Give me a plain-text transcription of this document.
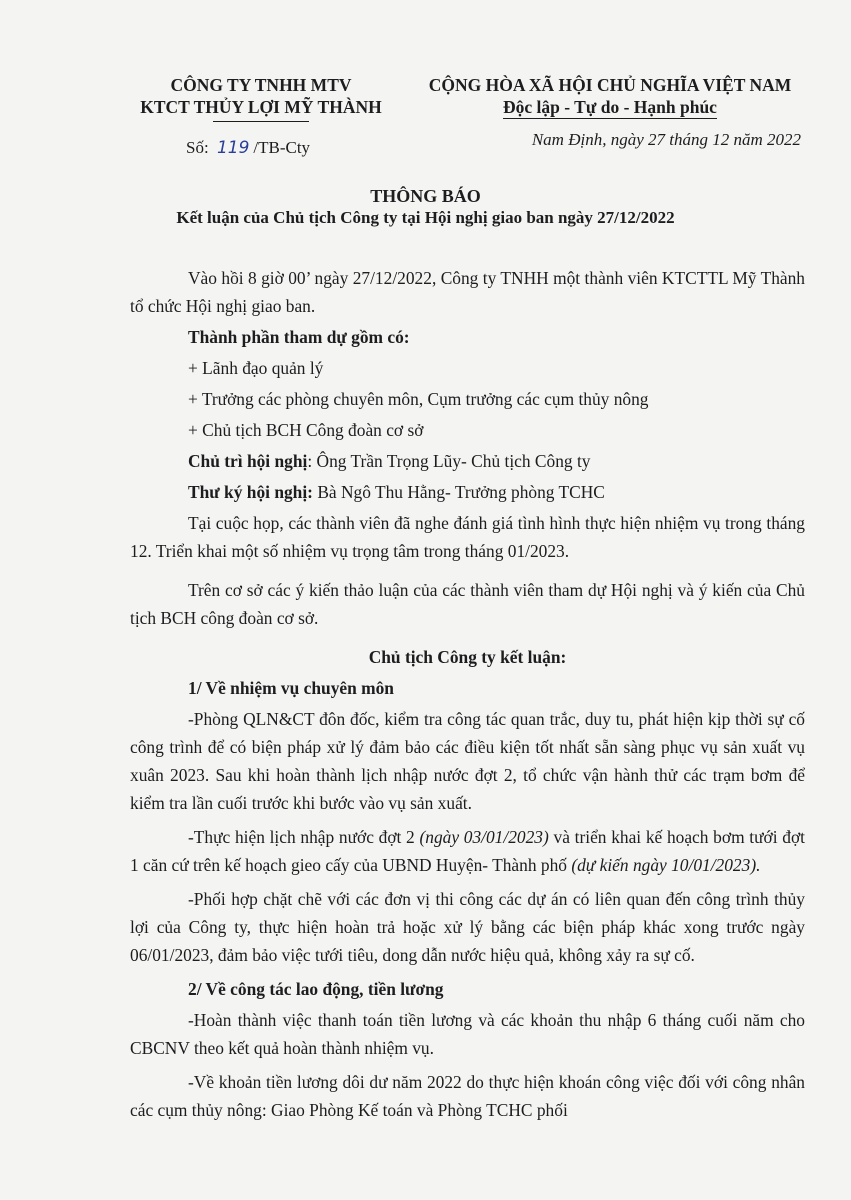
CÔNG TY TNHH MTV
KTCT THỦY LỢI MỸ THÀNH
Số: 119 /TB-Cty
CỘNG HÒA XÃ HỘI CHỦ NGHĨA VIỆT NAM
Độc lập - Tự do - Hạnh phúc
Nam Định, ngày 27 tháng 12 năm 2022
THÔNG BÁO
Kết luận của Chủ tịch Công ty tại Hội nghị giao ban ngày 27/12/2022

Vào hồi 8 giờ 00’ ngày 27/12/2022, Công ty TNHH một thành viên KTCTTL Mỹ Thành tổ chức Hội nghị giao ban.

Thành phần tham dự gồm có:

+ Lãnh đạo quản lý

+ Trưởng các phòng chuyên môn, Cụm trưởng các cụm thủy nông

+ Chủ tịch BCH Công đoàn cơ sở

Chủ trì hội nghị: Ông Trần Trọng Lũy- Chủ tịch Công ty

Thư ký hội nghị: Bà Ngô Thu Hằng- Trưởng phòng TCHC

Tại cuộc họp, các thành viên đã nghe đánh giá tình hình thực hiện nhiệm vụ trong tháng 12. Triển khai một số nhiệm vụ trọng tâm trong tháng 01/2023.

Trên cơ sở các ý kiến thảo luận của các thành viên tham dự Hội nghị và ý kiến của Chủ tịch BCH công đoàn cơ sở.

Chủ tịch Công ty kết luận:

1/ Về nhiệm vụ chuyên môn

-Phòng QLN&CT đôn đốc, kiểm tra công tác quan trắc, duy tu, phát hiện kịp thời sự cố công trình để có biện pháp xử lý đảm bảo các điều kiện tốt nhất sẵn sàng phục vụ sản xuất vụ xuân 2023. Sau khi hoàn thành lịch nhập nước đợt 2, tổ chức vận hành thử các trạm bơm để kiểm tra lần cuối trước khi bước vào vụ sản xuất.

-Thực hiện lịch nhập nước đợt 2 (ngày 03/01/2023) và triển khai kế hoạch bơm tưới đợt 1 căn cứ trên kế hoạch gieo cấy của UBND Huyện- Thành phố (dự kiến ngày 10/01/2023).

-Phối hợp chặt chẽ với các đơn vị thi công các dự án có liên quan đến công trình thủy lợi của Công ty, thực hiện hoàn trả hoặc xử lý bằng các biện pháp khác xong trước ngày 06/01/2023, đảm bảo việc tưới tiêu, dong dẫn nước hiệu quả, không xảy ra sự cố.

2/ Về công tác lao động, tiền lương

-Hoàn thành việc thanh toán tiền lương và các khoản thu nhập 6 tháng cuối năm cho CBCNV theo kết quả hoàn thành nhiệm vụ.

-Về khoản tiền lương dôi dư năm 2022 do thực hiện khoán công việc đối với công nhân các cụm thủy nông: Giao Phòng Kế toán và Phòng TCHC phối
